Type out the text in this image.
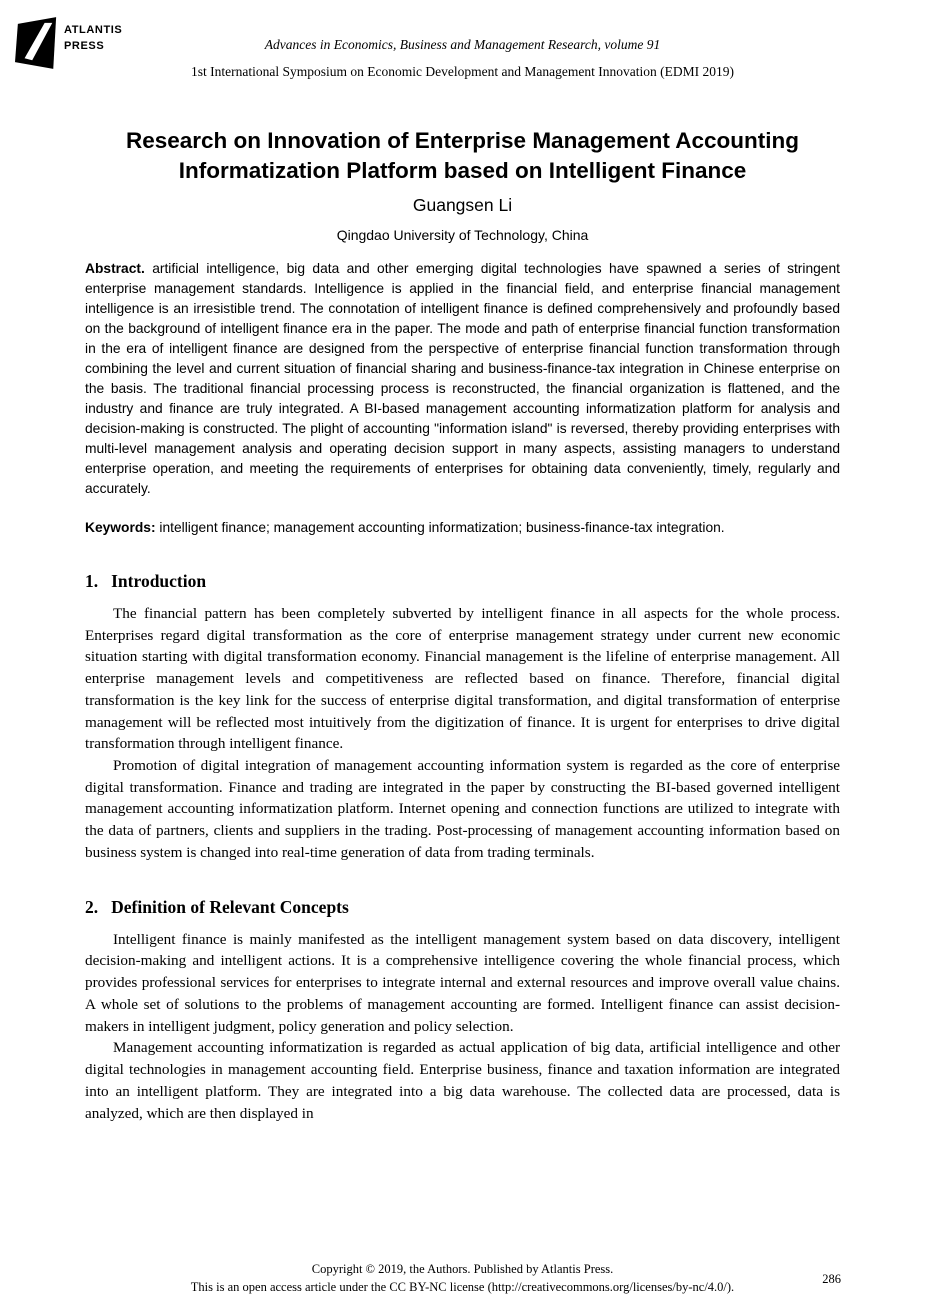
ATLANTIS
PRESS	Advances in Economics, Business and Management Research, volume 91
1st International Symposium on Economic Development and Management Innovation (EDMI 2019)
Research on Innovation of Enterprise Management Accounting Informatization Platform based on Intelligent Finance
Guangsen Li
Qingdao University of Technology, China

Abstract. artificial intelligence, big data and other emerging digital technologies have spawned a series of stringent enterprise management standards. Intelligence is applied in the financial field, and enterprise financial management intelligence is an irresistible trend. The connotation of intelligent finance is defined comprehensively and profoundly based on the background of intelligent finance era in the paper. The mode and path of enterprise financial function transformation in the era of intelligent finance are designed from the perspective of enterprise financial function transformation through combining the level and current situation of financial sharing and business-finance-tax integration in Chinese enterprise on the basis. The traditional financial processing process is reconstructed, the financial organization is flattened, and the industry and finance are truly integrated. A BI-based management accounting informatization platform for analysis and decision-making is constructed. The plight of accounting "information island" is reversed, thereby providing enterprises with multi-level management analysis and operating decision support in many aspects, assisting managers to understand enterprise operation, and meeting the requirements of enterprises for obtaining data conveniently, timely, regularly and accurately.

Keywords: intelligent finance; management accounting informatization; business-finance-tax integration.

1. Introduction

The financial pattern has been completely subverted by intelligent finance in all aspects for the whole process. Enterprises regard digital transformation as the core of enterprise management strategy under current new economic situation starting with digital transformation economy. Financial management is the lifeline of enterprise management. All enterprise management levels and competitiveness are reflected based on finance. Therefore, financial digital transformation is the key link for the success of enterprise digital transformation, and digital transformation of enterprise management will be reflected most intuitively from the digitization of finance. It is urgent for enterprises to drive digital transformation through intelligent finance.

Promotion of digital integration of management accounting information system is regarded as the core of enterprise digital transformation. Finance and trading are integrated in the paper by constructing the BI-based governed intelligent management accounting informatization platform. Internet opening and connection functions are utilized to integrate with the data of partners, clients and suppliers in the trading. Post-processing of management accounting information based on business system is changed into real-time generation of data from trading terminals.

2. Definition of Relevant Concepts

Intelligent finance is mainly manifested as the intelligent management system based on data discovery, intelligent decision-making and intelligent actions. It is a comprehensive intelligence covering the whole financial process, which provides professional services for enterprises to integrate internal and external resources and improve overall value chains. A whole set of solutions to the problems of management accounting are formed. Intelligent finance can assist decision-makers in intelligent judgment, policy generation and policy selection.

Management accounting informatization is regarded as actual application of big data, artificial intelligence and other digital technologies in management accounting field. Enterprise business, finance and taxation information are integrated into an intelligent platform. They are integrated into a big data warehouse. The collected data are processed, data is analyzed, which are then displayed in

Copyright © 2019, the Authors. Published by Atlantis Press.
This is an open access article under the CC BY-NC license (http://creativecommons.org/licenses/by-nc/4.0/).
286
